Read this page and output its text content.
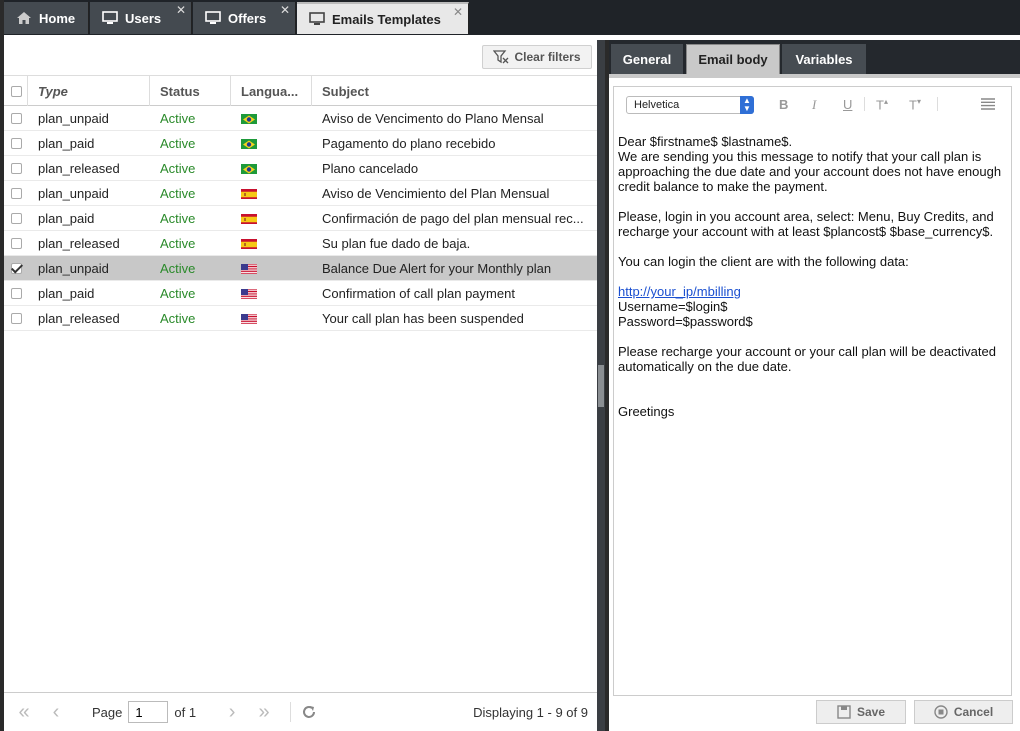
Home	Users
✕
Offers
✕
Emails Templates ✕
Clear filters
Type	Status	Langua...	Subject
plan_unpaid	Active	Aviso de Vencimento do Plano Mensal
plan_paid	Active	Pagamento do plano recebido
plan_released	Active	Plano cancelado
plan_unpaid	Active	Aviso de Vencimiento del Plan Mensual
plan_paid	Active	Confirmación de pago del plan mensual rec...
plan_released	Active	Su plan fue dado de baja.
plan_unpaid	Active	Balance Due Alert for your Monthly plan
plan_paid	Active	Confirmation of call plan payment
plan_released	Active	Your call plan has been suspended
«	‹	Page
1	of 1	›	»	Displaying 1 - 9 of 9
General	Email body	Variables
Helvetica	▲
▼ B I U T▴ T▾

Dear $firstname$ $lastname$.
We are sending you this message to notify that your call plan is approaching the due date and your account does not have enough credit balance to make the payment.

Please, login in you account area, select: Menu, Buy Credits, and recharge your account with at least $plancost$ $base_currency$.

You can login the client are with the following data:

http://your_ip/mbilling
Username=$login$
Password=$password$

Please recharge your account or your call plan will be deactivated automatically on the due date.

Greetings

Save	Cancel
